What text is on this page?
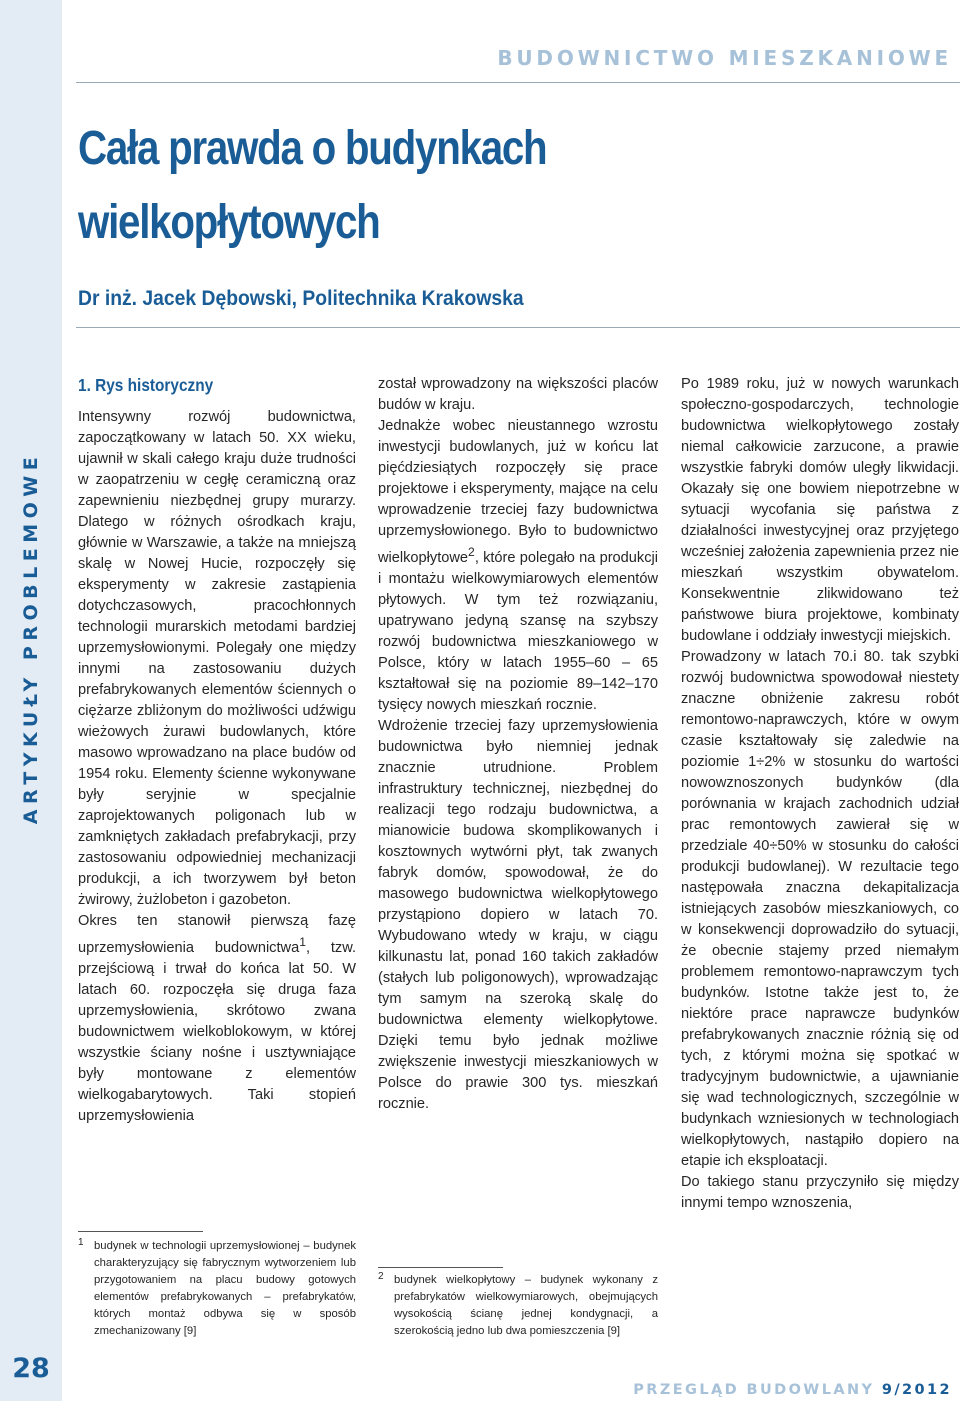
ARTYKUŁY PROBLEMOWE
28
BUDOWNICTWO MIESZKANIOWE
Cała prawda o budynkach
wielkopłytowych
Dr inż. Jacek Dębowski, Politechnika Krakowska
1. Rys historyczny

Intensywny rozwój budownictwa, zapoczątkowany w latach 50. XX wieku, ujawnił w skali całego kraju duże trudności w zaopatrzeniu w cegłę ceramiczną oraz zapewnieniu niezbędnej grupy murarzy. Dlatego w różnych ośrodkach kraju, głównie w Warszawie, a także na mniejszą skalę w Nowej Hucie, rozpoczęły się eksperymenty w zakresie zastąpienia dotychczasowych, pracochłonnych technologii murarskich metodami bardziej uprzemysłowionymi. Polegały one między innymi na zastosowaniu dużych prefabrykowanych elementów ściennych o ciężarze zbliżonym do możliwości udźwigu wieżowych żurawi budowlanych, które masowo wprowadzano na place budów od 1954 roku. Elementy ścienne wykonywane były seryjnie w specjalnie zaprojektowanych poligonach lub w zamkniętych zakładach prefabrykacji, przy zastosowaniu odpowiedniej mechanizacji produkcji, a ich tworzywem był beton żwirowy, żużlobeton i gazobeton.

Okres ten stanowił pierwszą fazę uprzemysłowienia budownictwa$^1$, tzw. przejściową i trwał do końca lat 50. W latach 60. rozpoczęła się druga faza uprzemysłowienia, skrótowo zwana budownictwem wielkoblokowym, w której wszystkie ściany nośne i usztywniające były montowane z elementów wielkogabarytowych. Taki stopień uprzemysłowienia

został wprowadzony na większości placów budów w kraju.

Jednakże wobec nieustannego wzrostu inwestycji budowlanych, już w końcu lat pięćdziesiątych rozpoczęły się prace projektowe i eksperymenty, mające na celu wprowadzenie trzeciej fazy budownictwa uprzemysłowionego. Było to budownictwo wielkopłytowe$^2$, które polegało na produkcji i montażu wielkowymiarowych elementów płytowych. W tym też rozwiązaniu, upatrywano jedyną szansę na szybszy rozwój budownictwa mieszkaniowego w Polsce, który w latach 1955–60 – 65 kształtował się na poziomie 89–142–170 tysięcy nowych mieszkań rocznie.

Wdrożenie trzeciej fazy uprzemysłowienia budownictwa było niemniej jednak znacznie utrudnione. Problem infrastruktury technicznej, niezbędnej do realizacji tego rodzaju budownictwa, a mianowicie budowa skomplikowanych i kosztownych wytwórni płyt, tak zwanych fabryk domów, spowodował, że do masowego budownictwa wielkopłytowego przystąpiono dopiero w latach 70. Wybudowano wtedy w kraju, w ciągu kilkunastu lat, ponad 160 takich zakładów (stałych lub poligonowych), wprowadzając tym samym na szeroką skalę do budownictwa elementy wielkopłytowe. Dzięki temu było jednak możliwe zwiększenie inwestycji mieszkaniowych w Polsce do prawie 300 tys. mieszkań rocznie.

Po 1989 roku, już w nowych warunkach społeczno-gospodarczych, technologie budownictwa wielkopłytowego zostały niemal całkowicie zarzucone, a prawie wszystkie fabryki domów uległy likwidacji. Okazały się one bowiem niepotrzebne w sytuacji wycofania się państwa z działalności inwestycyjnej oraz przyjętego wcześniej założenia zapewnienia przez nie mieszkań wszystkim obywatelom. Konsekwentnie zlikwidowano też państwowe biura projektowe, kombinaty budowlane i oddziały inwestycji miejskich.

Prowadzony w latach 70.i 80. tak szybki rozwój budownictwa spowodował niestety znaczne obniżenie zakresu robót remontowo-naprawczych, które w owym czasie kształtowały się zaledwie na poziomie 1÷2% w stosunku do wartości nowowznoszonych budynków (dla porównania w krajach zachodnich udział prac remontowych zawierał się w przedziale 40÷50% w stosunku do całości produkcji budowlanej). W rezultacie tego następowała znaczna dekapitalizacja istniejących zasobów mieszkaniowych, co w konsekwencji doprowadziło do sytuacji, że obecnie stajemy przed niemałym problemem remontowo-naprawczym tych budynków. Istotne także jest to, że niektóre prace naprawcze budynków prefabrykowanych znacznie różnią się od tych, z którymi można się spotkać w tradycyjnym budownictwie, a ujawnianie się wad technologicznych, szczególnie w budynkach wzniesionych w technologiach wielkopłytowych, nastąpiło dopiero na etapie ich eksploatacji.

Do takiego stanu przyczyniło się między innymi tempo wznoszenia,

1 budynek w technologii uprzemysłowionej – budynek charakteryzujący się fabrycznym wytworzeniem lub przygotowaniem na placu budowy gotowych elementów prefabrykowanych – prefabrykatów, których montaż odbywa się w sposób zmechanizowany [9]
2 budynek wielkopłytowy – budynek wykonany z prefabrykatów wielkowymiarowych, obejmujących wysokością ścianę jednej kondygnacji, a szerokością jedno lub dwa pomieszczenia [9]
PRZEGLĄD BUDOWLANY 9/2012
